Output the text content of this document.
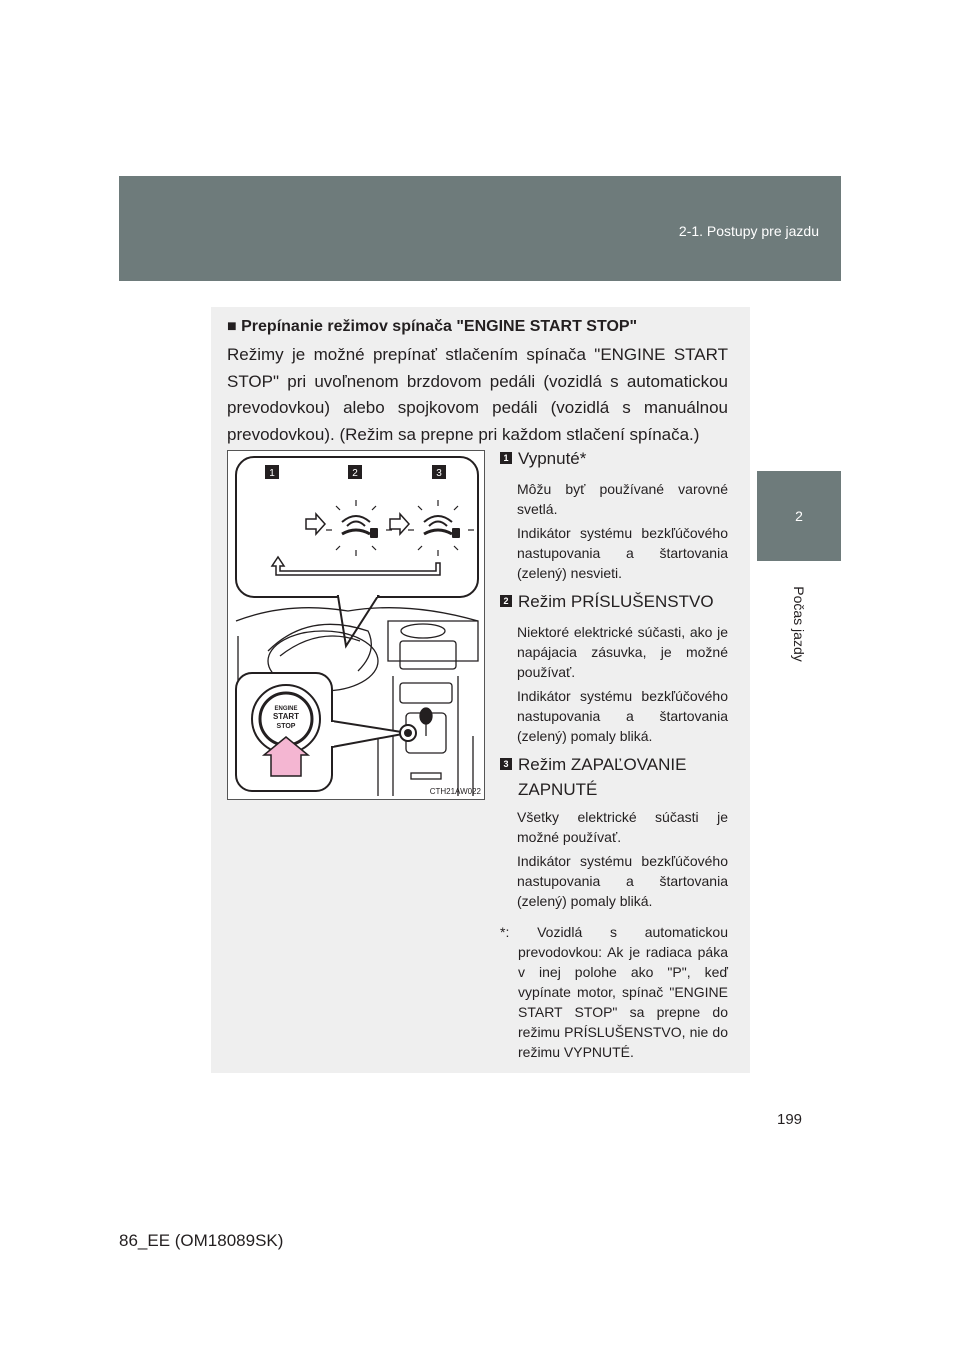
2-1. Postupy pre jazdu
2
Počas jazdy
■ Prepínanie režimov spínača "ENGINE START STOP"

Režimy je možné prepínať stlačením spínača "ENGINE START STOP" pri uvoľnenom brzdovom pedáli (vozidlá s automatickou prevodovkou) alebo spojkovom pedáli (vozidlá s manuálnou prevodovkou). (Režim sa prepne pri každom stlačení spínača.)

1	2	3
ENGINE
START
STOP
CTH21AW022
1 Vypnuté*

Môžu byť používané varovné svetlá.

Indikátor systému bezkľúčového nastupovania a štartovania (zelený) nesvieti.

2 Režim PRÍSLUŠENSTVO

Niektoré elektrické súčasti, ako je napájacia zásuvka, je možné používať.

Indikátor systému bezkľúčového nastupovania a štartovania (zelený) pomaly bliká.

3 Režim ZAPAĽOVANIE ZAPNUTÉ

Všetky elektrické súčasti je možné používať.

Indikátor systému bezkľúčového nastupovania a štartovania (zelený) pomaly bliká.

*: Vozidlá s automatickou prevodovkou: Ak je radiaca páka v inej polohe ako "P", keď vypínate motor, spínač "ENGINE START STOP" sa prepne do režimu PRÍSLUŠENSTVO, nie do režimu VYPNUTÉ.

199
86_EE (OM18089SK)
